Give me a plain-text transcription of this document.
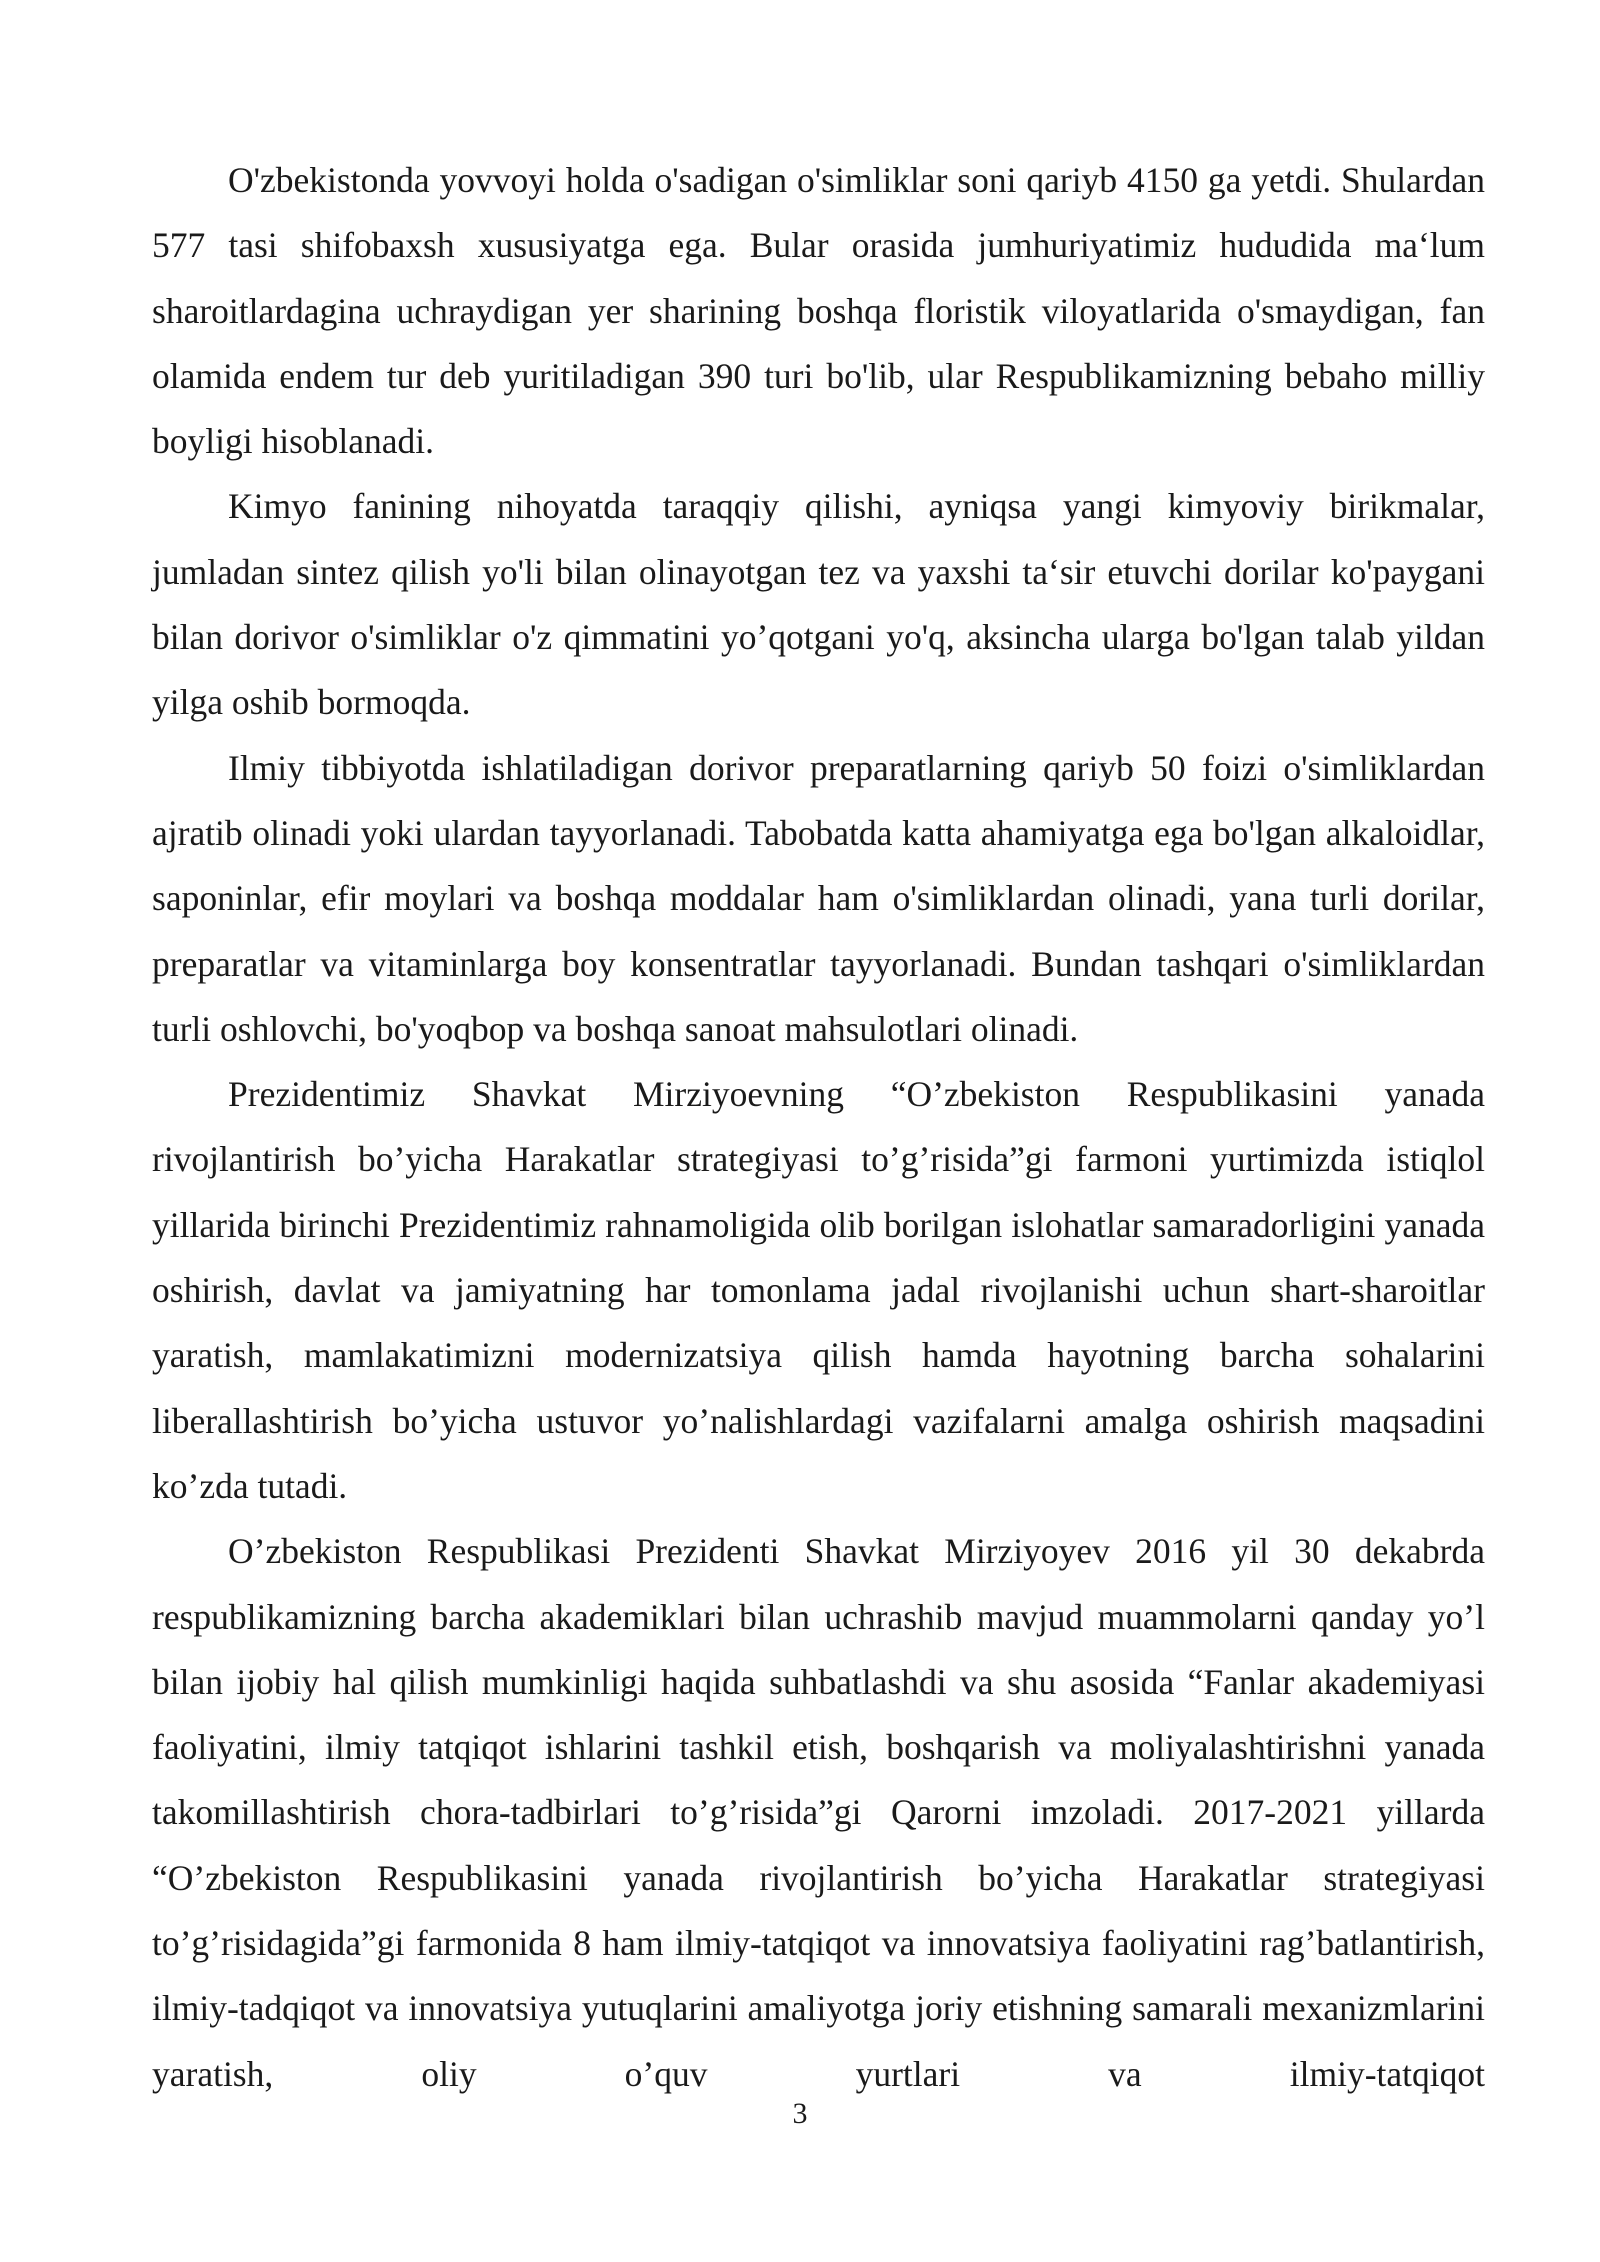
O'zbekistonda yovvoyi holda o'sadigan o'simliklar soni qariyb 4150 ga yetdi. Shulardan 577 tasi shifobaxsh xususiyatga ega. Bular orasida jumhuriyatimiz hududida ma‘lum sharoitlardagina uchraydigan yer sharining boshqa floristik viloyatlarida o'smaydigan, fan olamida endem tur deb yuritiladigan 390 turi bo'lib, ular Respublikamizning bebaho milliy boyligi hisoblanadi.

Kimyo fanining nihoyatda taraqqiy qilishi, ayniqsa yangi kimyoviy birikmalar, jumladan sintez qilish yo'li bilan olinayotgan tez va yaxshi ta‘sir etuvchi dorilar ko'paygani bilan dorivor o'simliklar o'z qimmatini yo’qotgani yo'q, aksincha ularga bo'lgan talab yildan yilga oshib bormoqda.

Ilmiy tibbiyotda ishlatiladigan dorivor preparatlarning qariyb 50 foizi o'simliklardan ajratib olinadi yoki ulardan tayyorlanadi. Tabobatda katta ahamiyatga ega bo'lgan alkaloidlar, saponinlar, efir moylari va boshqa moddalar ham o'simliklardan olinadi, yana turli dorilar, preparatlar va vitaminlarga boy konsentratlar tayyorlanadi. Bundan tashqari o'simliklardan turli oshlovchi, bo'yoqbop va boshqa sanoat mahsulotlari olinadi.

Prezidentimiz Shavkat Mirziyoevning “O’zbekiston Respublikasini yanada rivojlantirish bo’yicha Harakatlar strategiyasi to’g’risida”gi farmoni yurtimizda istiqlol yillarida birinchi Prezidentimiz rahnamoligida olib borilgan islohatlar samaradorligini yanada oshirish, davlat va jamiyatning har tomonlama jadal rivojlanishi uchun shart-sharoitlar yaratish, mamlakatimizni modernizatsiya qilish hamda hayotning barcha sohalarini liberallashtirish bo’yicha ustuvor yo’nalishlardagi vazifalarni amalga oshirish maqsadini ko’zda tutadi.

O’zbekiston Respublikasi Prezidenti Shavkat Mirziyoyev 2016 yil 30 dekabrda respublikamizning barcha akademiklari bilan uchrashib mavjud muammolarni qanday yo’l bilan ijobiy hal qilish mumkinligi haqida suhbatlashdi va shu asosida “Fanlar akademiyasi faoliyatini, ilmiy tatqiqot ishlarini tashkil etish, boshqarish va moliyalashtirishni yanada takomillashtirish chora-tadbirlari to’g’risida”gi Qarorni imzoladi. 2017-2021 yillarda “O’zbekiston Respublikasini yanada rivojlantirish bo’yicha Harakatlar strategiyasi to’g’risidagida”gi farmonida 8 ham ilmiy-tatqiqot va innovatsiya faoliyatini rag’batlantirish, ilmiy-tadqiqot va innovatsiya yutuqlarini amaliyotga joriy etishning samarali mexanizmlarini yaratish, oliy o’quv yurtlari va ilmiy-tatqiqot

3
